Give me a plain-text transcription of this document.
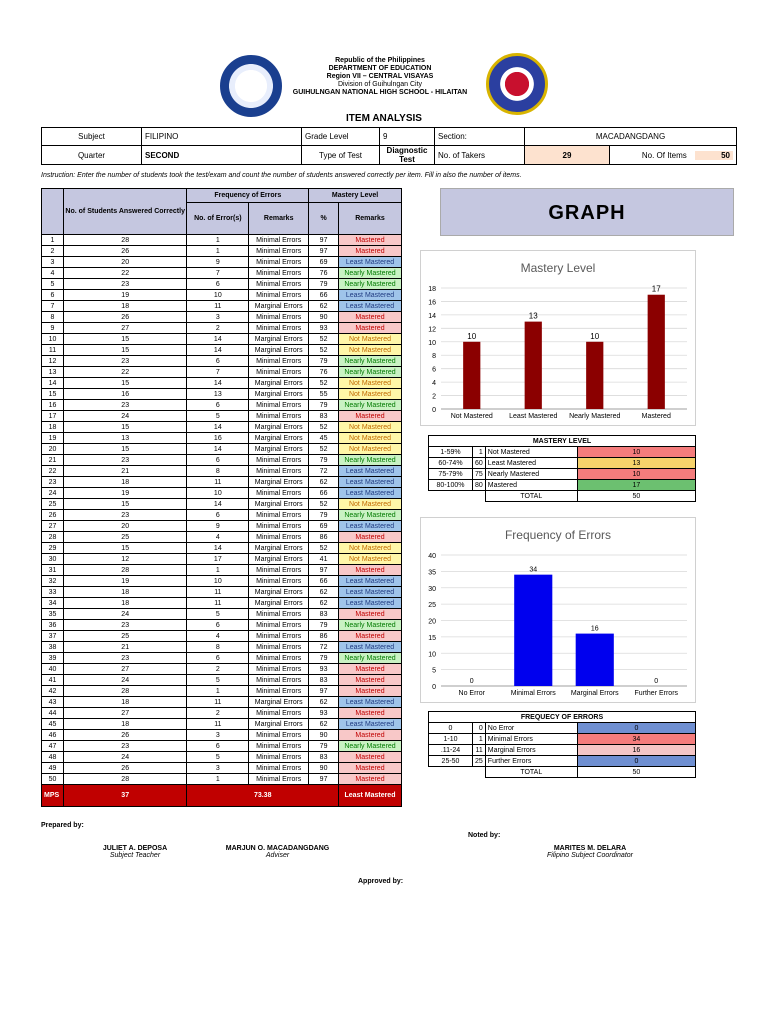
Republic of the Philippines
DEPARTMENT OF EDUCATION
Region VII – CENTRAL VISAYAS
Division of Guihulngan City
GUIHULNGAN NATIONAL HIGH SCHOOL - HILAITAN
ITEM ANALYSIS
Subject	FILIPINO	Grade Level	9	Section:	MACADANGDANG	
Quarter	SECOND	Type of Test	Diagnostic Test	No. of Takers	29	No. Of Items 50
Instruction: Enter the number of students took the test/exam and count the number of students answered correctly per item. Fill in also the number of items.
	No. of Students Answered Correctly	Frequency of Errors		Mastery Level	
		No. of Error(s)	Remarks	%	Remarks
1	28	1	Minimal Errors	97	Mastered
2	26	1	Minimal Errors	97	Mastered
3	20	9	Minimal Errors	69	Least Mastered
4	22	7	Minimal Errors	76	Nearly Mastered
5	23	6	Minimal Errors	79	Nearly Mastered
6	19	10	Minimal Errors	66	Least Mastered
7	18	11	Marginal Errors	62	Least Mastered
8	26	3	Minimal Errors	90	Mastered
9	27	2	Minimal Errors	93	Mastered
10	15	14	Marginal Errors	52	Not Mastered
11	15	14	Marginal Errors	52	Not Mastered
12	23	6	Minimal Errors	79	Nearly Mastered
13	22	7	Minimal Errors	76	Nearly Mastered
14	15	14	Marginal Errors	52	Not Mastered
15	16	13	Marginal Errors	55	Not Mastered
16	23	6	Minimal Errors	79	Nearly Mastered
17	24	5	Minimal Errors	83	Mastered
18	15	14	Marginal Errors	52	Not Mastered
19	13	16	Marginal Errors	45	Not Mastered
20	15	14	Marginal Errors	52	Not Mastered
21	23	6	Minimal Errors	79	Nearly Mastered
22	21	8	Minimal Errors	72	Least Mastered
23	18	11	Marginal Errors	62	Least Mastered
24	19	10	Minimal Errors	66	Least Mastered
25	15	14	Marginal Errors	52	Not Mastered
26	23	6	Minimal Errors	79	Nearly Mastered
27	20	9	Minimal Errors	69	Least Mastered
28	25	4	Minimal Errors	86	Mastered
29	15	14	Marginal Errors	52	Not Mastered
30	12	17	Marginal Errors	41	Not Mastered
31	28	1	Minimal Errors	97	Mastered
32	19	10	Minimal Errors	66	Least Mastered
33	18	11	Marginal Errors	62	Least Mastered
34	18	11	Marginal Errors	62	Least Mastered
35	24	5	Minimal Errors	83	Mastered
36	23	6	Minimal Errors	79	Nearly Mastered
37	25	4	Minimal Errors	86	Mastered
38	21	8	Minimal Errors	72	Least Mastered
39	23	6	Minimal Errors	79	Nearly Mastered
40	27	2	Minimal Errors	93	Mastered
41	24	5	Minimal Errors	83	Mastered
42	28	1	Minimal Errors	97	Mastered
43	18	11	Marginal Errors	62	Least Mastered
44	27	2	Minimal Errors	93	Mastered
45	18	11	Marginal Errors	62	Least Mastered
46	26	3	Minimal Errors	90	Mastered
47	23	6	Minimal Errors	79	Nearly Mastered
48	24	5	Minimal Errors	83	Mastered
49	26	3	Minimal Errors	90	Mastered
50	28	1	Minimal Errors	97	Mastered
MPS	37	73.38			Least Mastered
GRAPH
Mastery Level
0
2
4
6
8
10
12
14
16
18
10
Not Mastered
13
Least Mastered
10
Nearly Mastered
17
Mastered
MASTERY LEVEL			
1-59%	1	Not Mastered	10
60-74%	60	Least Mastered	13
75-79%	75	Nearly Mastered	10
80-100%	80	Mastered	17
		TOTAL	50
Frequency of Errors
0
5
10
15
20
25
30
35
40
0
No Error
34
Minimal Errors
16
Marginal Errors
0
Further Errors
FREQUECY OF ERRORS			
0	0	No Error	0
1-10	1	Minimal Errors	34
.11-24	11	Marginal Errors	16
25-50	25	Further Errors	0
		TOTAL	50
Prepared by:
Noted by:
JULIET A. DEPOSA
Subject Teacher
MARJUN O. MACADANGDANG
Adviser
MARITES M. DELARA
Filipino Subject Coordinator
Approved by:
